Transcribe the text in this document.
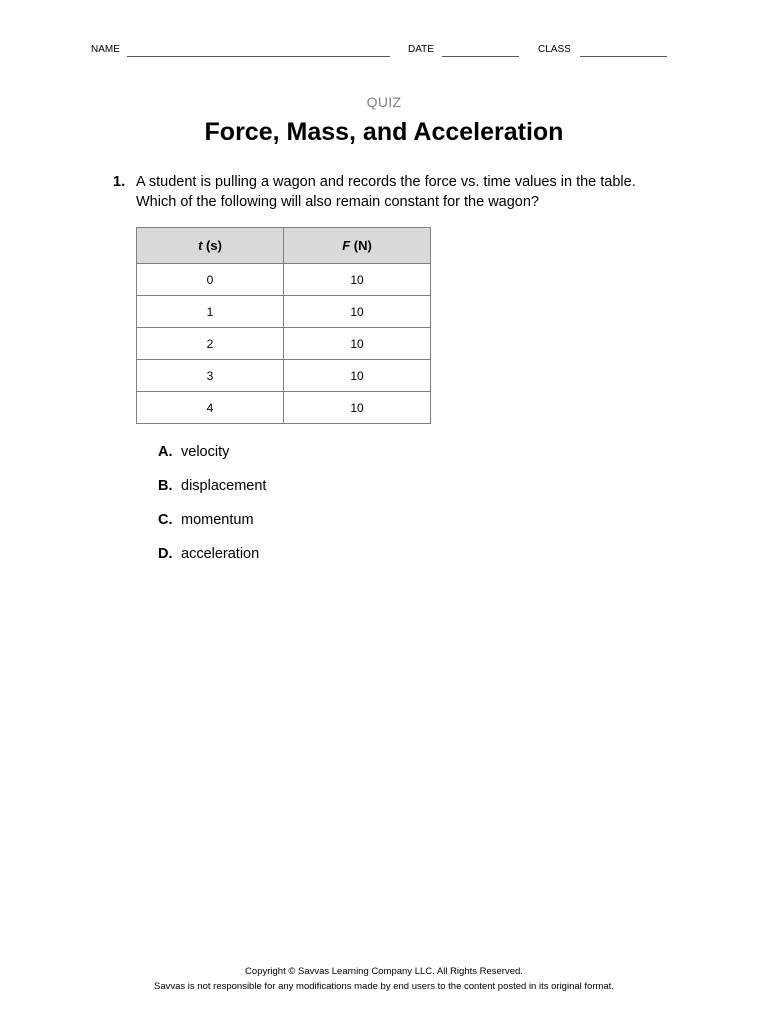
NAME	DATE	CLASS
QUIZ
Force, Mass, and Acceleration
1. A student is pulling a wagon and records the force vs. time values in the table. Which of the following will also remain constant for the wagon?
t (s)	F (N)
0	10
1	10
2	10
3	10
4	10
A. velocity
B. displacement
C. momentum
D. acceleration
Copyright © Savvas Learning Company LLC. All Rights Reserved.
Savvas is not responsible for any modifications made by end users to the content posted in its original format.
